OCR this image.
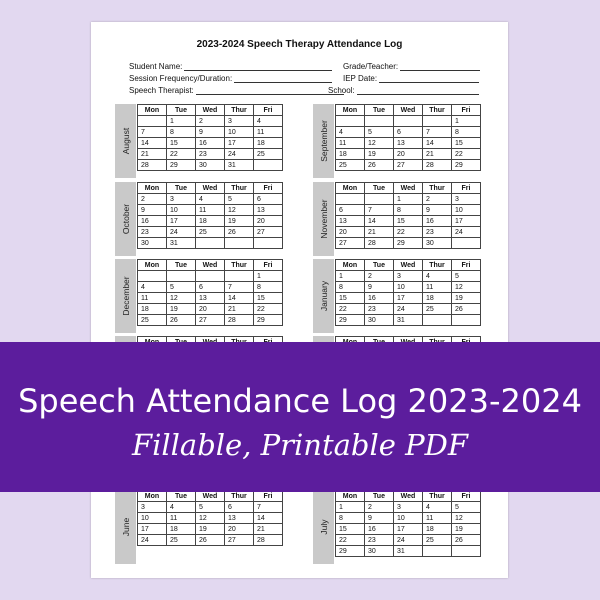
2023-2024 Speech Therapy Attendance Log
Student Name:	Grade/Teacher:
Session Frequency/Duration:	IEP Date:
Speech Therapist:	School:
August
Mon	Tue	Wed	Thur	Fri
	1	2	3	4
7	8	9	10	11
14	15	16	17	18
21	22	23	24	25
28	29	30	31	
September
Mon	Tue	Wed	Thur	Fri
				1
4	5	6	7	8
11	12	13	14	15
18	19	20	21	22
25	26	27	28	29
October
Mon	Tue	Wed	Thur	Fri
2	3	4	5	6
9	10	11	12	13
16	17	18	19	20
23	24	25	26	27
30	31			
November
Mon	Tue	Wed	Thur	Fri
		1	2	3
6	7	8	9	10
13	14	15	16	17
20	21	22	23	24
27	28	29	30	
December
Mon	Tue	Wed	Thur	Fri
				1
4	5	6	7	8
11	12	13	14	15
18	19	20	21	22
25	26	27	28	29
January
Mon	Tue	Wed	Thur	Fri
1	2	3	4	5
8	9	10	11	12
15	16	17	18	19
22	23	24	25	26
29	30	31		
June
Mon	Tue	Wed	Thur	Fri
3	4	5	6	7
10	11	12	13	14
17	18	19	20	21
24	25	26	27	28
July
Mon	Tue	Wed	Thur	Fri
1	2	3	4	5
8	9	10	11	12
15	16	17	18	19
22	23	24	25	26
29	30	31		

Speech Attendance Log 2023-2024
Fillable, Printable PDF
